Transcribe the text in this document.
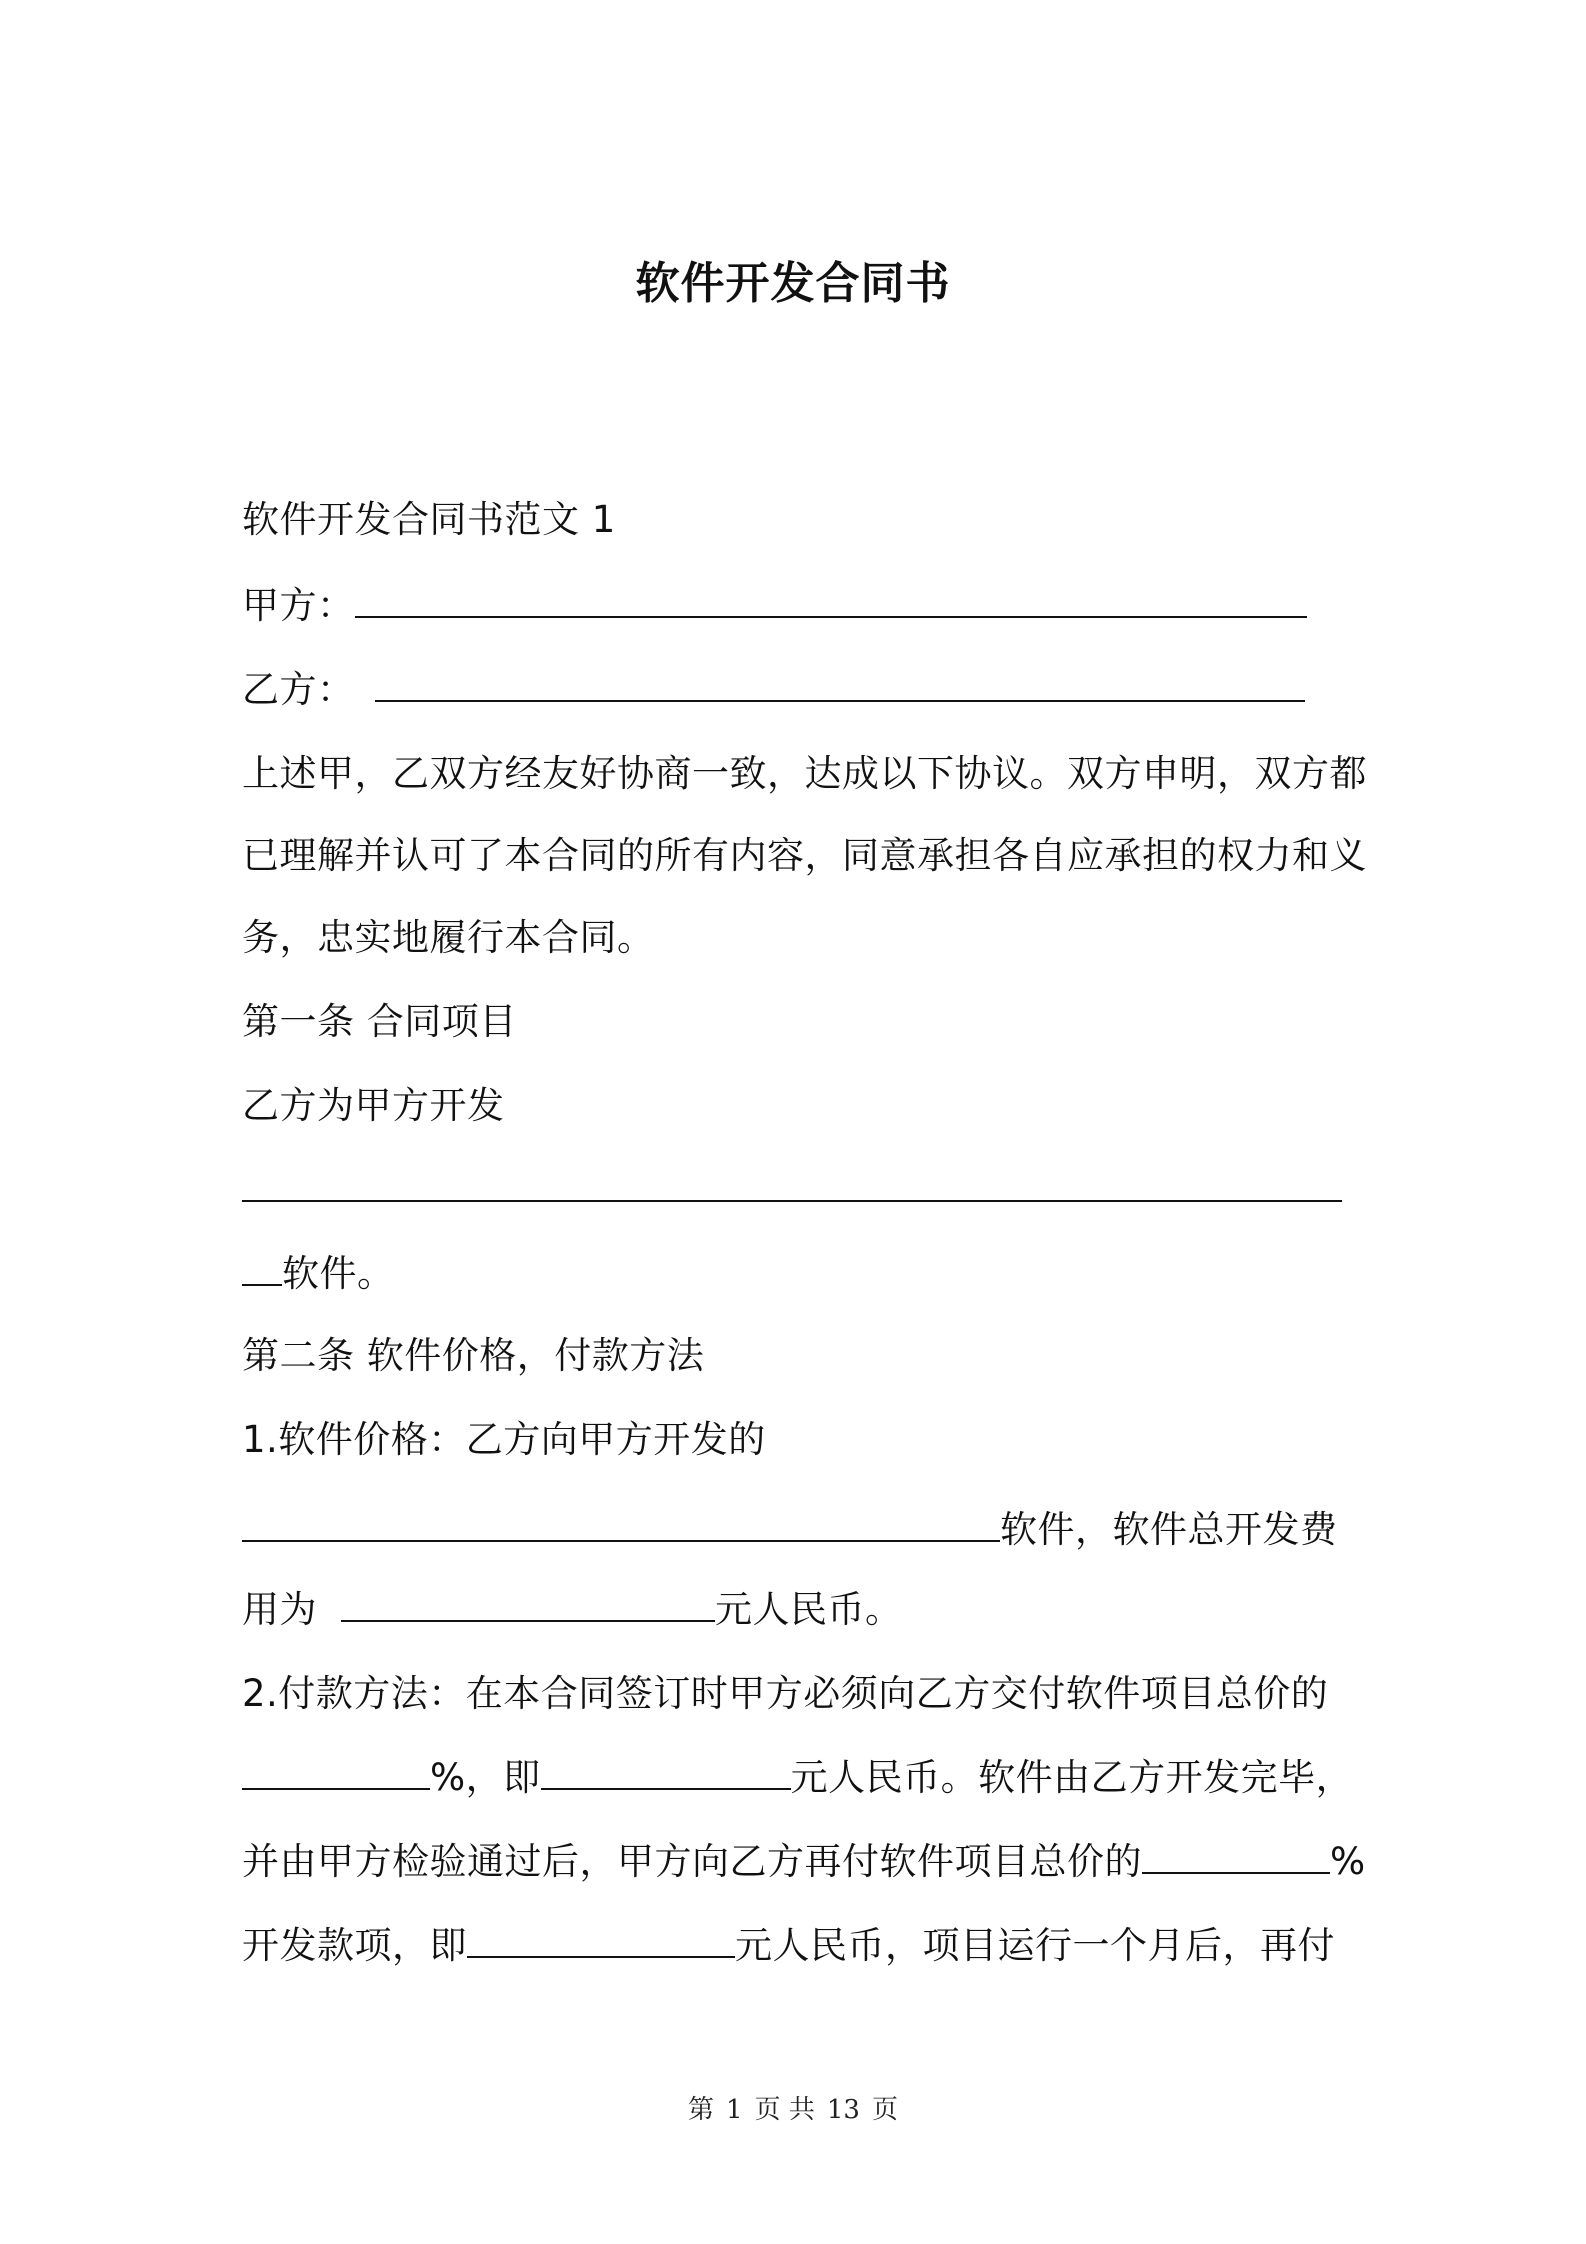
软件开发合同书
软件开发合同书范文 1
甲方：
乙方：
上述甲，乙双方经友好协商一致，达成以下协议。双方申明，双方都
已理解并认可了本合同的所有内容，同意承担各自应承担的权力和义
务，忠实地履行本合同。
第一条 合同项目
乙方为甲方开发
软件。
第二条 软件价格，付款方法
1.软件价格：乙方向甲方开发的
软件，软件总开发费
用为	元人民币。
2.付款方法：在本合同签订时甲方必须向乙方交付软件项目总价的
%，即	元人民币。软件由乙方开发完毕，
并由甲方检验通过后，甲方向乙方再付软件项目总价的	%
开发款项，即	元人民币，项目运行一个月后，再付
第 1 页 共 13 页
